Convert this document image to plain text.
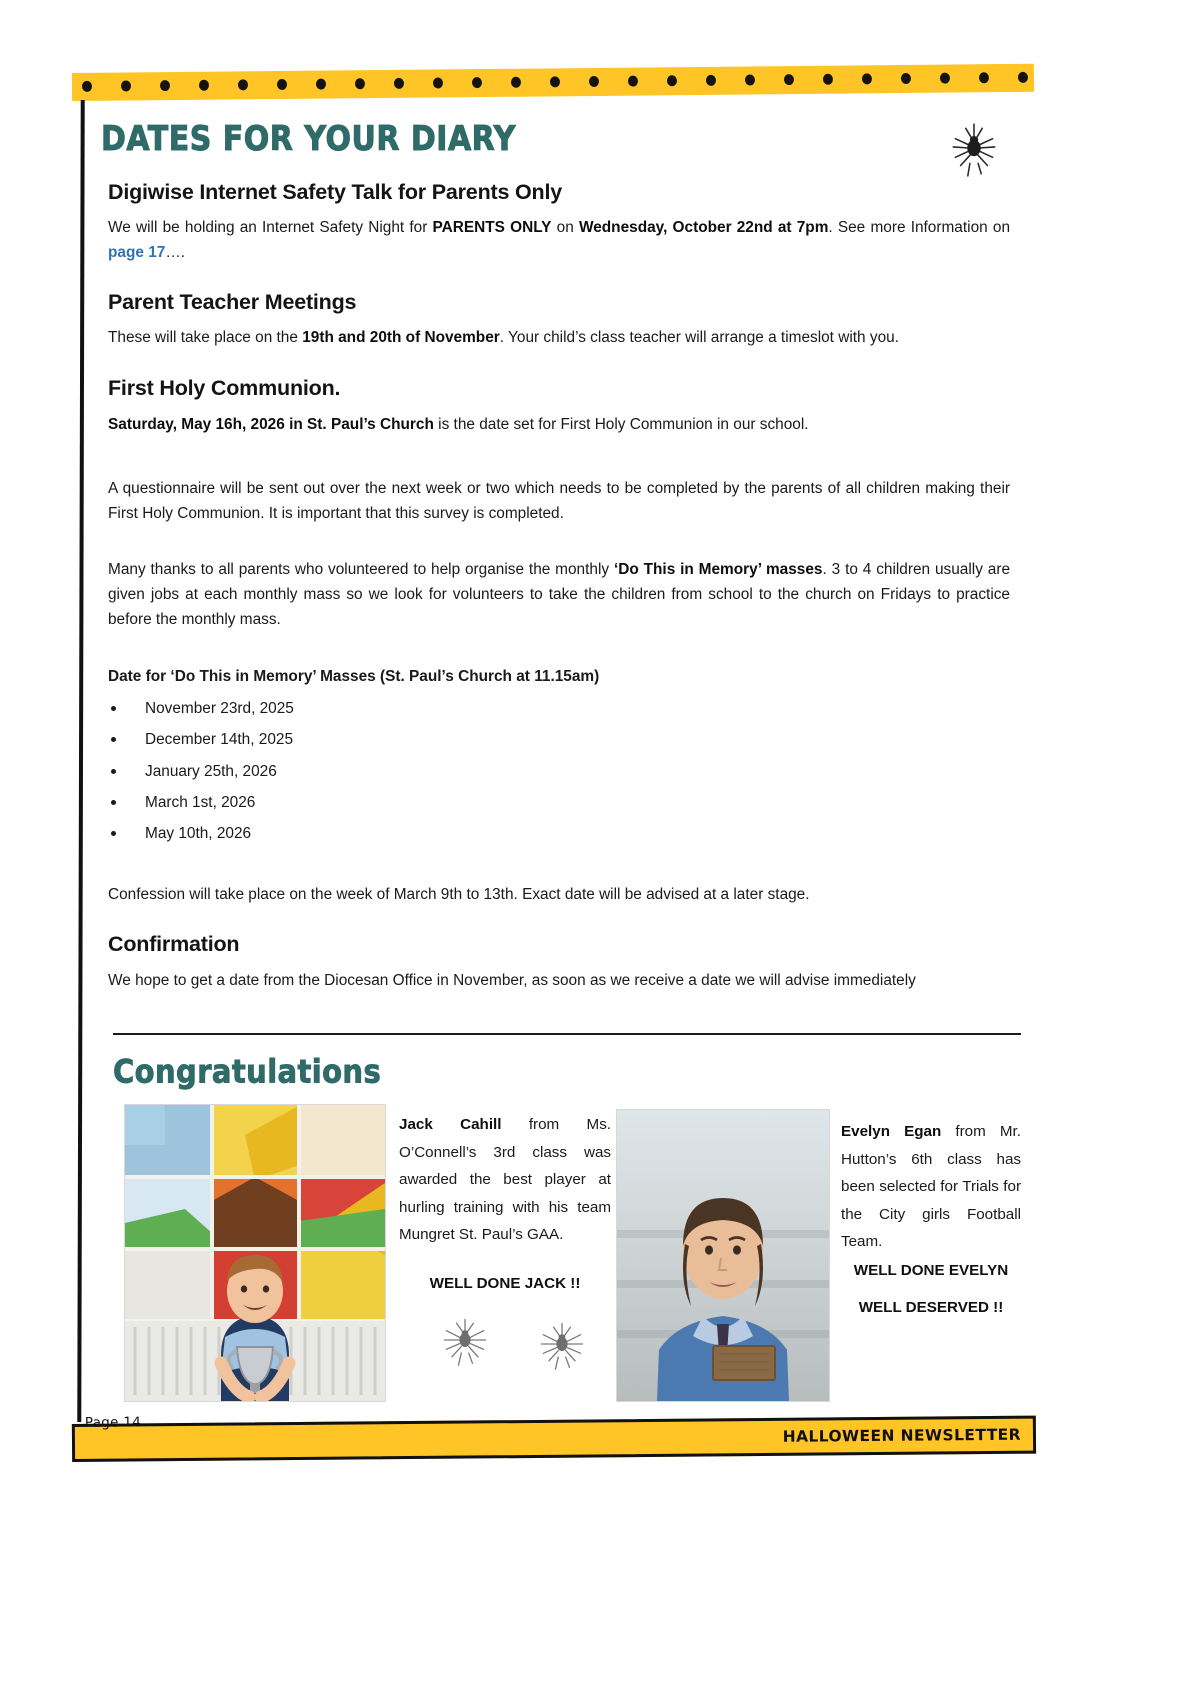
DATES FOR YOUR DIARY
Digiwise Internet Safety Talk for Parents Only

We will be holding an Internet Safety Night for PARENTS ONLY on Wednesday, October 22nd at 7pm. See more Information on page 17….

Parent Teacher Meetings

These will take place on the 19th and 20th of November. Your child’s class teacher will arrange a timeslot with you.

First Holy Communion.

Saturday, May 16h, 2026 in St. Paul’s Church is the date set for First Holy Communion in our school.

A questionnaire will be sent out over the next week or two which needs to be completed by the parents of all children making their First Holy Communion. It is important that this survey is completed.

Many thanks to all parents who volunteered to help organise the monthly ‘Do This in Memory’ masses. 3 to 4 children usually are given jobs at each monthly mass so we look for volunteers to take the children from school to the church on Fridays to practice before the monthly mass.

Date for ‘Do This in Memory’ Masses (St. Paul’s Church at 11.15am)

November 23rd, 2025
December 14th, 2025
January 25th, 2026
March 1st, 2026
May 10th, 2026

Confession will take place on the week of March 9th to 13th. Exact date will be advised at a later stage.

Confirmation

We hope to get a date from the Diocesan Office in November, as soon as we receive a date we will advise immediately

Congratulations
Jack Cahill from Ms. O’Connell’s 3rd class was awarded the best player at hurling training with his team Mungret St. Paul’s GAA.
WELL DONE JACK !!
Evelyn Egan from Mr. Hutton’s 6th class has been selected for Trials for the City girls Football Team.
WELL DONE EVELYN
WELL DESERVED !!
Page 14
HALLOWEEN NEWSLETTER
